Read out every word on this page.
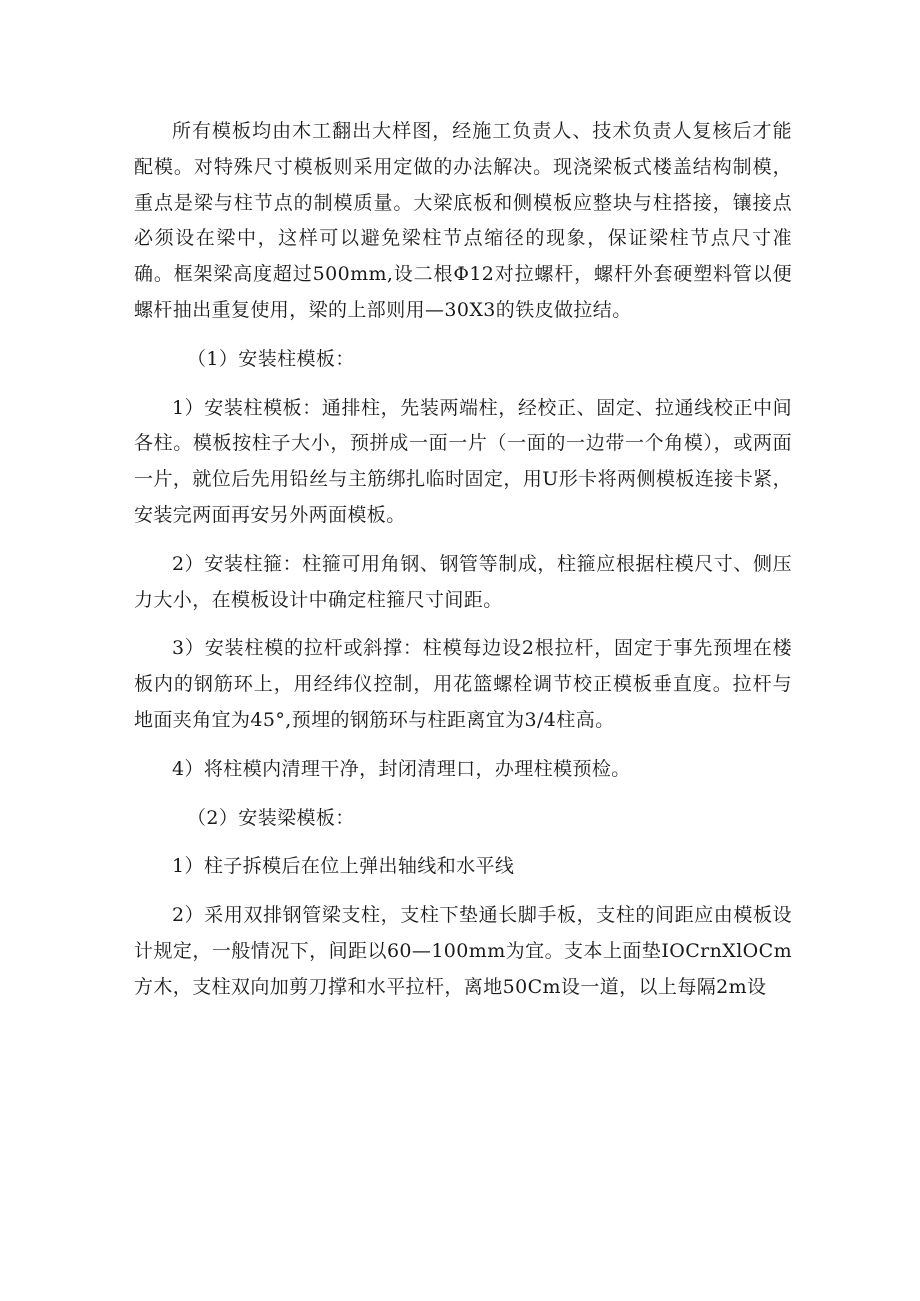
所有模板均由木工翻出大样图，经施工负责人、技术负责人复核后才能配模。对特殊尺寸模板则采用定做的办法解决。现浇梁板式楼盖结构制模，重点是梁与柱节点的制模质量。大梁底板和侧模板应整块与柱搭接，镶接点必须设在梁中，这样可以避免梁柱节点缩径的现象，保证梁柱节点尺寸准确。框架梁高度超过500mm,设二根Φ12对拉螺杆，螺杆外套硬塑料管以便螺杆抽出重复使用，梁的上部则用—30X3的铁皮做拉结。

（1）安装柱模板：

1）安装柱模板：通排柱，先装两端柱，经校正、固定、拉通线校正中间各柱。模板按柱子大小，预拼成一面一片（一面的一边带一个角模），或两面一片，就位后先用铅丝与主筋绑扎临时固定，用U形卡将两侧模板连接卡紧，安装完两面再安另外两面模板。

2）安装柱箍：柱箍可用角钢、钢管等制成，柱箍应根据柱模尺寸、侧压力大小，在模板设计中确定柱箍尺寸间距。

3）安装柱模的拉杆或斜撑：柱模每边设2根拉杆，固定于事先预埋在楼板内的钢筋环上，用经纬仪控制，用花篮螺栓调节校正模板垂直度。拉杆与地面夹角宜为45°,预埋的钢筋环与柱距离宜为3/4柱高。

4）将柱模内清理干净，封闭清理口，办理柱模预检。

（2）安装梁模板：

1）柱子拆模后在位上弹出轴线和水平线

2）采用双排钢管梁支柱，支柱下垫通长脚手板，支柱的间距应由模板设计规定，一般情况下，间距以60—100mm为宜。支本上面垫IOCrnXlOCm方木，支柱双向加剪刀撑和水平拉杆，离地50Cm设一道，以上每隔2m设
